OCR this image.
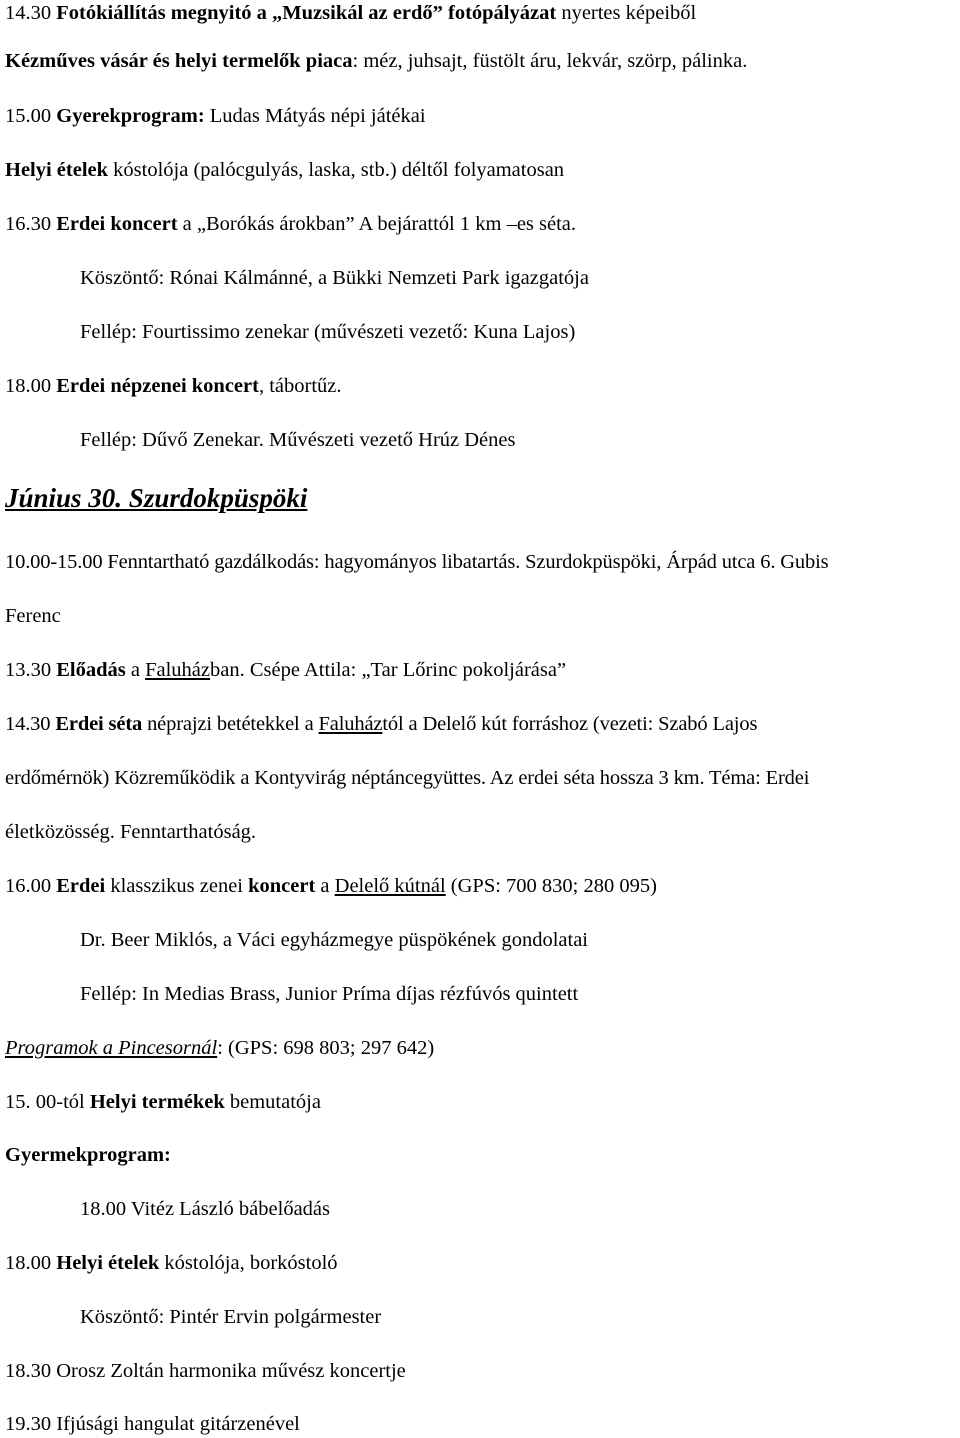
14.30 Fotókiállítás megnyitó a „Muzsikál az erdő” fotópályázat nyertes képeiből
Kézműves vásár és helyi termelők piaca: méz, juhsajt, füstölt áru, lekvár, szörp, pálinka.
15.00 Gyerekprogram: Ludas Mátyás népi játékai
Helyi ételek kóstolója (palócgulyás, laska, stb.) déltől folyamatosan
16.30 Erdei koncert a „Borókás árokban” A bejárattól 1 km –es séta.
Köszöntő: Rónai Kálmánné, a Bükki Nemzeti Park igazgatója
Fellép: Fourtissimo zenekar (művészeti vezető: Kuna Lajos)
18.00 Erdei népzenei koncert, tábortűz.
Fellép: Dűvő Zenekar. Művészeti vezető Hrúz Dénes
Június 30. Szurdokpüspöki
10.00-15.00 Fenntartható gazdálkodás: hagyományos libatartás. Szurdokpüspöki, Árpád utca 6. Gubis
Ferenc
13.30 Előadás a Faluházban. Csépe Attila: „Tar Lőrinc pokoljárása”
14.30 Erdei séta néprajzi betétekkel a Faluháztól a Delelő kút forráshoz (vezeti: Szabó Lajos
erdőmérnök) Közreműködik a Kontyvirág néptáncegyüttes. Az erdei séta hossza 3 km. Téma: Erdei
életközösség. Fenntarthatóság.
16.00 Erdei klasszikus zenei koncert a Delelő kútnál (GPS: 700 830; 280 095)
Dr. Beer Miklós, a Váci egyházmegye püspökének gondolatai
Fellép: In Medias Brass, Junior Príma díjas rézfúvós quintett
Programok a Pincesornál: (GPS: 698 803; 297 642)
15. 00-tól Helyi termékek bemutatója
Gyermekprogram:
18.00 Vitéz László bábelőadás
18.00 Helyi ételek kóstolója, borkóstoló
Köszöntő: Pintér Ervin polgármester
18.30 Orosz Zoltán harmonika művész koncertje
19.30 Ifjúsági hangulat gitárzenével
